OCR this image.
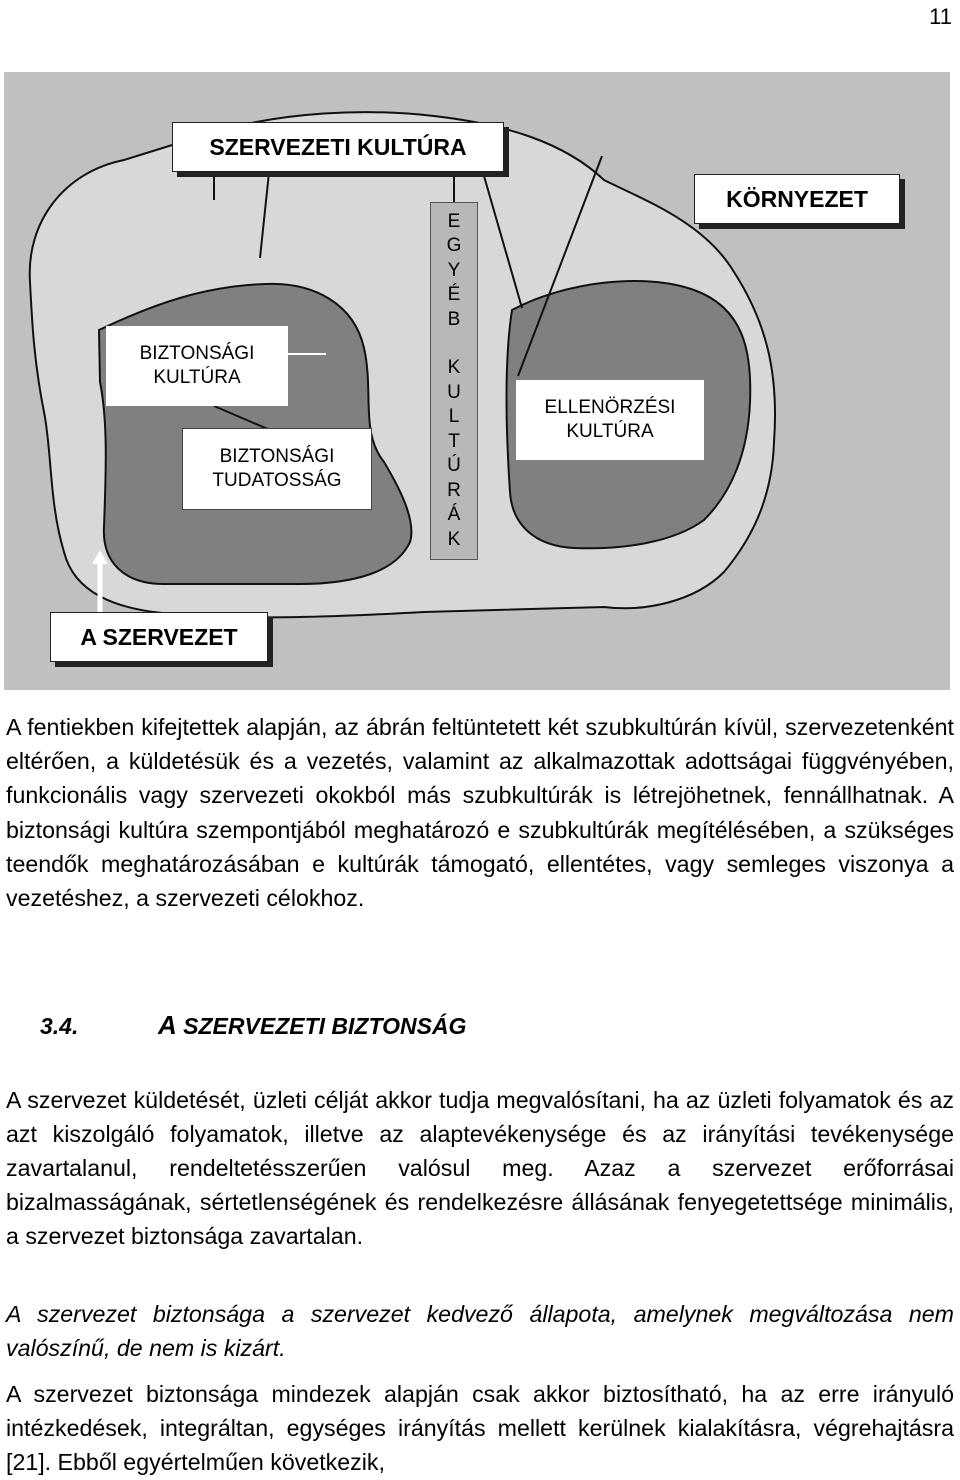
11
SZERVEZETI KULTÚRA
KÖRNYEZET
BIZTONSÁGI
KULTÚRA
BIZTONSÁGI
TUDATOSSÁG
E
G
Y
É
B
K
U
L
T
Ú
R
Á
K
ELLENÖRZÉSI
KULTÚRA
A SZERVEZET

A fentiekben kifejtettek alapján, az ábrán feltüntetett két szubkultúrán kívül, szervezetenként eltérően, a küldetésük és a vezetés, valamint az alkalmazottak adottságai függvényében, funkcionális vagy szervezeti okokból más szubkultúrák is létrejöhetnek, fennállhatnak. A biztonsági kultúra szempontjából meghatározó e szubkultúrák megítélésében, a szükséges teendők meghatározásában e kultúrák támogató, ellentétes, vagy semleges viszonya a vezetéshez, a szervezeti célokhoz.

3.4.	A SZERVEZETI BIZTONSÁG

A szervezet küldetését, üzleti célját akkor tudja megvalósítani, ha az üzleti folyamatok és az azt kiszolgáló folyamatok, illetve az alaptevékenysége és az irányítási tevékenysége zavartalanul, rendeltetésszerűen valósul meg. Azaz a szervezet erőforrásai bizalmasságának, sértetlenségének és rendelkezésre állásának fenyegetettsége minimális, a szervezet biztonsága zavartalan.

A szervezet biztonsága a szervezet kedvező állapota, amelynek megváltozása nem valószínű, de nem is kizárt.

A szervezet biztonsága mindezek alapján csak akkor biztosítható, ha az erre irányuló intézkedések, integráltan, egységes irányítás mellett kerülnek kialakításra, végrehajtásra [21]. Ebből egyértelműen következik,
